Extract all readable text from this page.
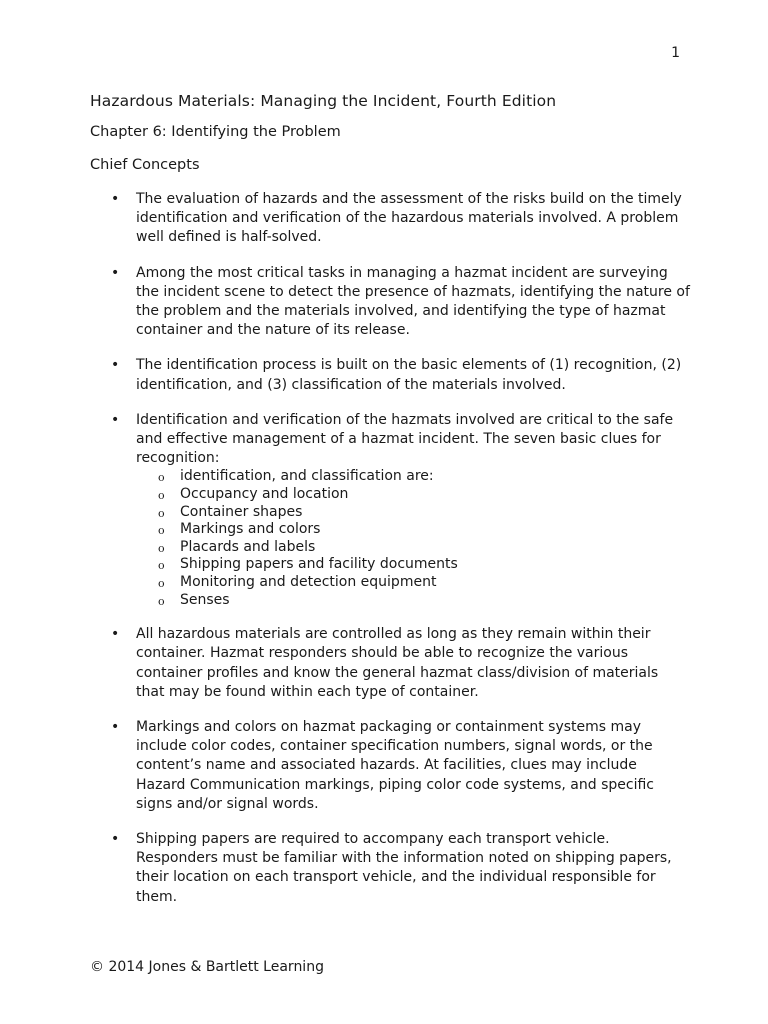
1
Hazardous Materials: Managing the Incident, Fourth Edition
Chapter 6: Identifying the Problem
Chief Concepts
• The evaluation of hazards and the assessment of the risks build on the timely identification and verification of the hazardous materials involved. A problem well defined is half-solved.
• Among the most critical tasks in managing a hazmat incident are surveying the incident scene to detect the presence of hazmats, identifying the nature of the problem and the materials involved, and identifying the type of hazmat container and the nature of its release.
• The identification process is built on the basic elements of (1) recognition, (2) identification, and (3) classification of the materials involved.
• Identification and verification of the hazmats involved are critical to the safe and effective management of a hazmat incident. The seven basic clues for recognition:
o identification, and classification are:
o Occupancy and location
o Container shapes
o Markings and colors
o Placards and labels
o Shipping papers and facility documents
o Monitoring and detection equipment
o Senses
• All hazardous materials are controlled as long as they remain within their container. Hazmat responders should be able to recognize the various container profiles and know the general hazmat class/division of materials that may be found within each type of container.
• Markings and colors on hazmat packaging or containment systems may include color codes, container specification numbers, signal words, or the content’s name and associated hazards. At facilities, clues may include Hazard Communication markings, piping color code systems, and specific signs and/or signal words.
• Shipping papers are required to accompany each transport vehicle. Responders must be familiar with the information noted on shipping papers, their location on each transport vehicle, and the individual responsible for them.
© 2014 Jones & Bartlett Learning
